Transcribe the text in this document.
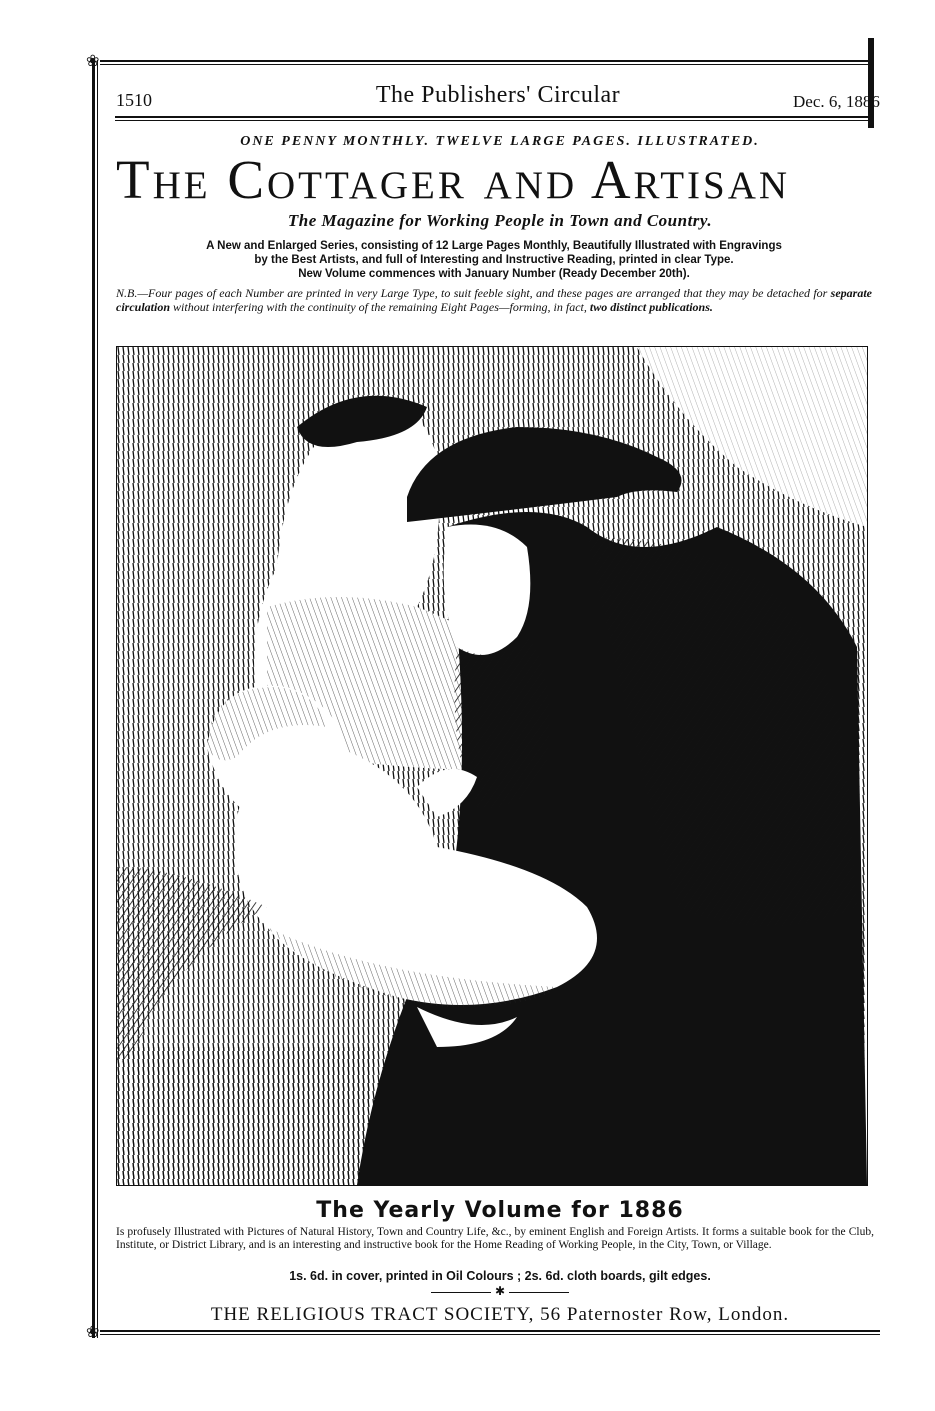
❀
❀
1510	The Publishers' Circular	Dec. 6, 1886
ONE PENNY MONTHLY. TWELVE LARGE PAGES. ILLUSTRATED.
The Cottager and Artisan
The Magazine for Working People in Town and Country.
A New and Enlarged Series, consisting of 12 Large Pages Monthly, Beautifully Illustrated with Engravings
by the Best Artists, and full of Interesting and Instructive Reading, printed in clear Type.
New Volume commences with January Number (Ready December 20th).
N.B.—Four pages of each Number are printed in very Large Type, to suit feeble sight, and these pages are arranged that they may be detached for separate circulation without interfering with the continuity of the remaining Eight Pages—forming, in fact, two distinct publications.
The Yearly Volume for 1886
Is profusely Illustrated with Pictures of Natural History, Town and Country Life, &c., by eminent English and Foreign Artists. It forms a suitable book for the Club, Institute, or District Library, and is an interesting and instructive book for the Home Reading of Working People, in the City, Town, or Village.
1s. 6d. in cover, printed in Oil Colours ; 2s. 6d. cloth boards, gilt edges.
✱
THE RELIGIOUS TRACT SOCIETY, 56 Paternoster Row, London.
